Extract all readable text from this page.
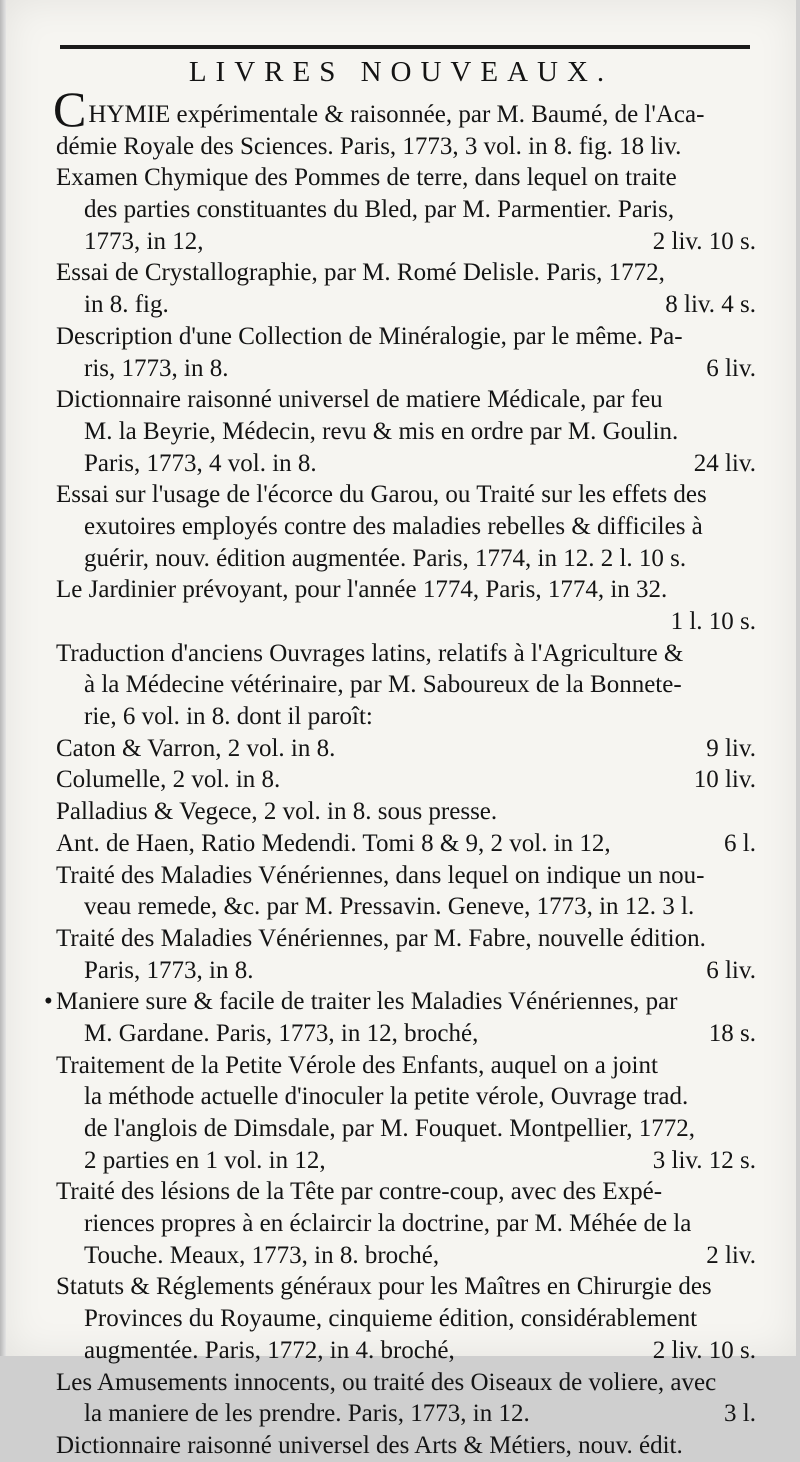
LIVRES NOUVEAUX.
C HYMIE expérimentale & raisonnée, par M. Baumé, de l'Aca-
démie Royale des Sciences. Paris, 1773, 3 vol. in 8. fig. 18 liv.
Examen Chymique des Pommes de terre, dans lequel on traite
des parties constituantes du Bled, par M. Parmentier. Paris,
1773, in 12,	2 liv. 10 s.
Essai de Crystallographie, par M. Romé Delisle. Paris, 1772,
in 8. fig.	8 liv. 4 s.
Description d'une Collection de Minéralogie, par le même. Pa-
ris, 1773, in 8.	6 liv.
Dictionnaire raisonné universel de matiere Médicale, par feu
M. la Beyrie, Médecin, revu & mis en ordre par M. Goulin.
Paris, 1773, 4 vol. in 8.	24 liv.
Essai sur l'usage de l'écorce du Garou, ou Traité sur les effets des
exutoires employés contre des maladies rebelles & difficiles à
guérir, nouv. édition augmentée. Paris, 1774, in 12. 2 l. 10 s.
Le Jardinier prévoyant, pour l'année 1774, Paris, 1774, in 32.
1 l. 10 s.
Traduction d'anciens Ouvrages latins, relatifs à l'Agriculture &
à la Médecine vétérinaire, par M. Saboureux de la Bonnete-
rie, 6 vol. in 8. dont il paroît:
Caton & Varron, 2 vol. in 8.	9 liv.
Columelle, 2 vol. in 8.	10 liv.
Palladius & Vegece, 2 vol. in 8. sous presse.
Ant. de Haen, Ratio Medendi. Tomi 8 & 9, 2 vol. in 12,	6 l.
Traité des Maladies Vénériennes, dans lequel on indique un nou-
veau remede, &c. par M. Pressavin. Geneve, 1773, in 12. 3 l.
Traité des Maladies Vénériennes, par M. Fabre, nouvelle édition.
Paris, 1773, in 8.	6 liv.
• Maniere sure & facile de traiter les Maladies Vénériennes, par
M. Gardane. Paris, 1773, in 12, broché,	18 s.
Traitement de la Petite Vérole des Enfants, auquel on a joint
la méthode actuelle d'inoculer la petite vérole, Ouvrage trad.
de l'anglois de Dimsdale, par M. Fouquet. Montpellier, 1772,
2 parties en 1 vol. in 12,	3 liv. 12 s.
Traité des lésions de la Tête par contre-coup, avec des Expé-
riences propres à en éclaircir la doctrine, par M. Méhée de la
Touche. Meaux, 1773, in 8. broché,	2 liv.
Statuts & Réglements généraux pour les Maîtres en Chirurgie des
Provinces du Royaume, cinquieme édition, considérablement
augmentée. Paris, 1772, in 4. broché,	2 liv. 10 s.
Les Amusements innocents, ou traité des Oiseaux de voliere, avec
la maniere de les prendre. Paris, 1773, in 12.	3 l.
Dictionnaire raisonné universel des Arts & Métiers, nouv. édit.
